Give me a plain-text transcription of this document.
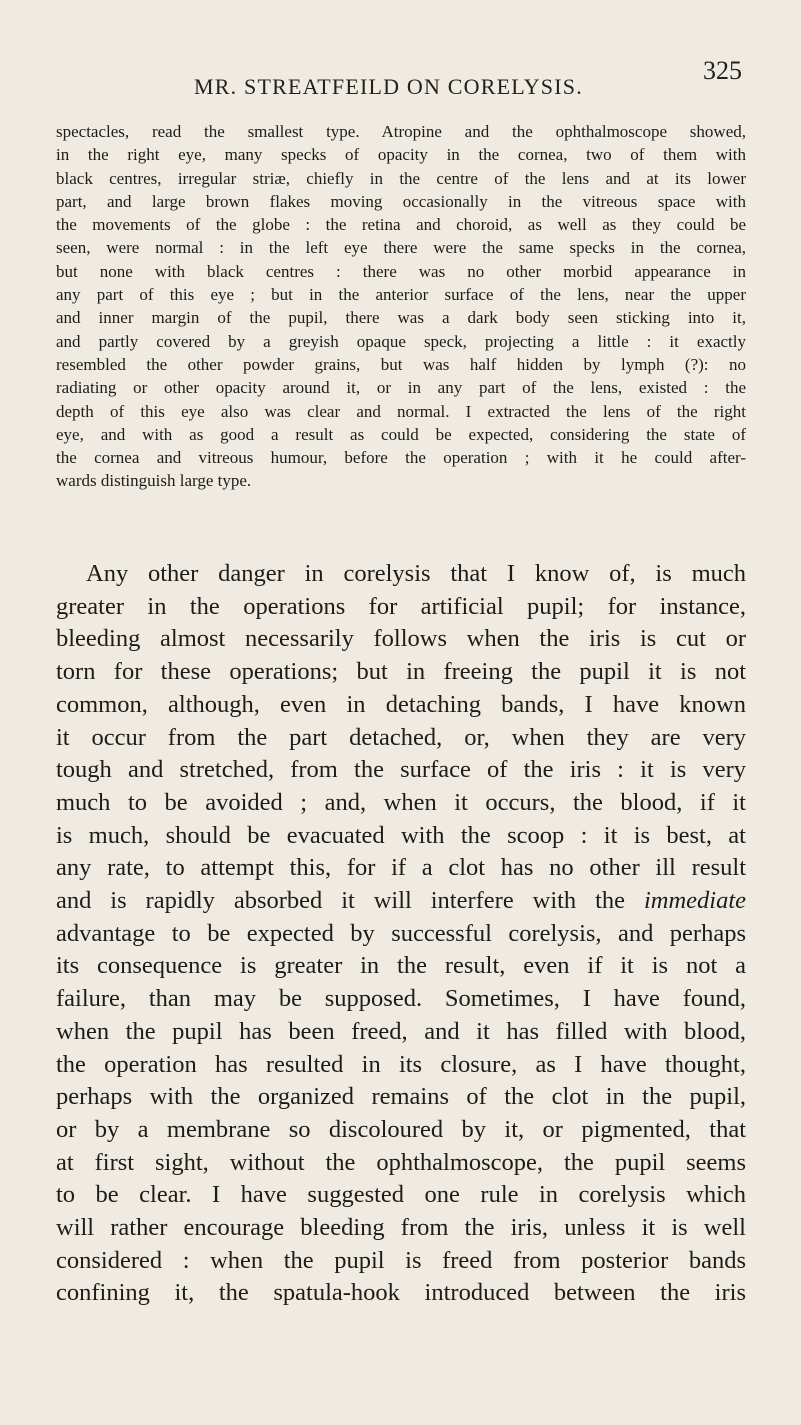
MR. STREATFEILD ON CORELYSIS.
325
spectacles, read the smallest type. Atropine and the ophthalmoscope showed,
in the right eye, many specks of opacity in the cornea, two of them with
black centres, irregular striæ, chiefly in the centre of the lens and at its lower
part, and large brown flakes moving occasionally in the vitreous space with
the movements of the globe : the retina and choroid, as well as they could be
seen, were normal : in the left eye there were the same specks in the cornea,
but none with black centres : there was no other morbid appearance in
any part of this eye ; but in the anterior surface of the lens, near the upper
and inner margin of the pupil, there was a dark body seen sticking into it,
and partly covered by a greyish opaque speck, projecting a little : it exactly
resembled the other powder grains, but was half hidden by lymph (?): no
radiating or other opacity around it, or in any part of the lens, existed : the
depth of this eye also was clear and normal. I extracted the lens of the right
eye, and with as good a result as could be expected, considering the state of
the cornea and vitreous humour, before the operation ; with it he could after-
wards distinguish large type.
Any other danger in corelysis that I know of, is much
greater in the operations for artificial pupil; for instance,
bleeding almost necessarily follows when the iris is cut or
torn for these operations; but in freeing the pupil it is not
common, although, even in detaching bands, I have known
it occur from the part detached, or, when they are very
tough and stretched, from the surface of the iris : it is very
much to be avoided ; and, when it occurs, the blood, if it
is much, should be evacuated with the scoop : it is best, at
any rate, to attempt this, for if a clot has no other ill result
and is rapidly absorbed it will interfere with the immediate
advantage to be expected by successful corelysis, and perhaps
its consequence is greater in the result, even if it is not a
failure, than may be supposed. Sometimes, I have found,
when the pupil has been freed, and it has filled with blood,
the operation has resulted in its closure, as I have thought,
perhaps with the organized remains of the clot in the pupil,
or by a membrane so discoloured by it, or pigmented, that
at first sight, without the ophthalmoscope, the pupil seems
to be clear. I have suggested one rule in corelysis which
will rather encourage bleeding from the iris, unless it is well
considered : when the pupil is freed from posterior bands
confining it, the spatula-hook introduced between the iris
